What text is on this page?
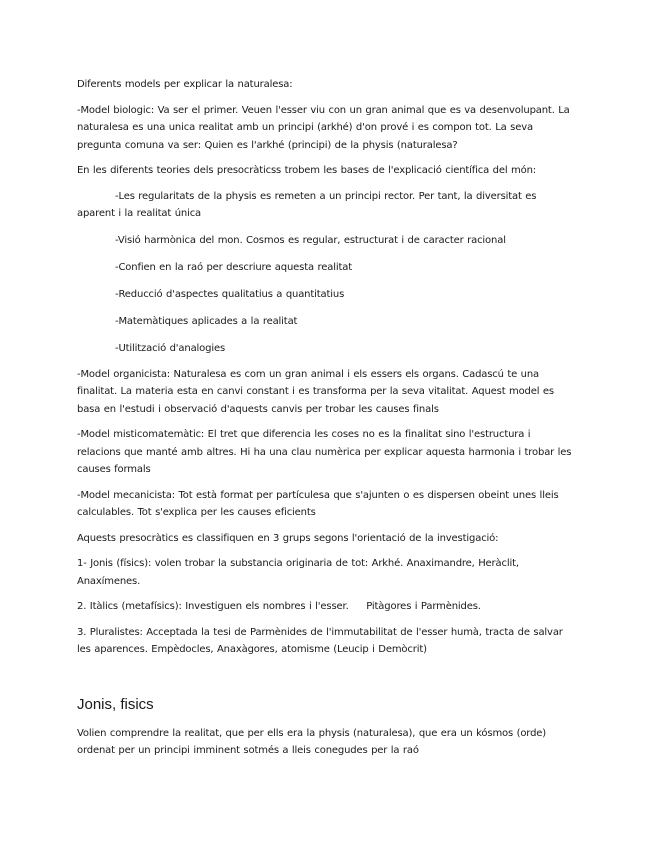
Diferents models per explicar la naturalesa:

-Model biologic: Va ser el primer. Veuen l'esser viu con un gran animal que es va desenvolupant. La naturalesa es una unica realitat amb un principi (arkhé) d'on prové i es compon tot. La seva pregunta comuna va ser: Quien es l'arkhé (principi) de la physis (naturalesa?

En les diferents teories dels presocràticss trobem les bases de l'explicació científica del món:

-Les regularitats de la physis es remeten a un principi rector. Per tant, la diversitat es aparent i la realitat única

-Visió harmònica del mon. Cosmos es regular, estructurat i de caracter racional

-Confien en la raó per descriure aquesta realitat

-Reducció d'aspectes qualitatius a quantitatius

-Matemàtiques aplicades a la realitat

-Utilització d'analogies

-Model organicista: Naturalesa es com un gran animal i els essers els organs. Cadascú te una finalitat. La materia esta en canvi constant i es transforma per la seva vitalitat. Aquest model es basa en l'estudi i observació d'aquests canvis per trobar les causes finals

-Model misticomatemàtic: El tret que diferencia les coses no es la finalitat sino l'estructura i relacions que manté amb altres. Hi ha una clau numèrica per explicar aquesta harmonia i trobar les causes formals

-Model mecanicista: Tot està format per partículesa que s'ajunten o es dispersen obeint unes lleis calculables. Tot s'explica per les causes eficients

Aquests presocràtics es classifiquen en 3 grups segons l'orientació de la investigació:

1- Jonis (físics): volen trobar la substancia originaria de tot: Arkhé. Anaximandre, Heràclit, Anaxímenes.

2. Itàlics (metafísics): Investiguen els nombres i l'esser.     Pitàgores i Parmènides.

3. Pluralistes: Acceptada la tesi de Parmènides de l'immutabilitat de l'esser humà, tracta de salvar les aparences. Empèdocles, Anaxàgores, atomisme (Leucip i Demòcrit)

Jonis, fisics

Volien comprendre la realitat, que per ells era la physis (naturalesa), que era un kósmos (orde) ordenat per un principi imminent sotmés a lleis conegudes per la raó
